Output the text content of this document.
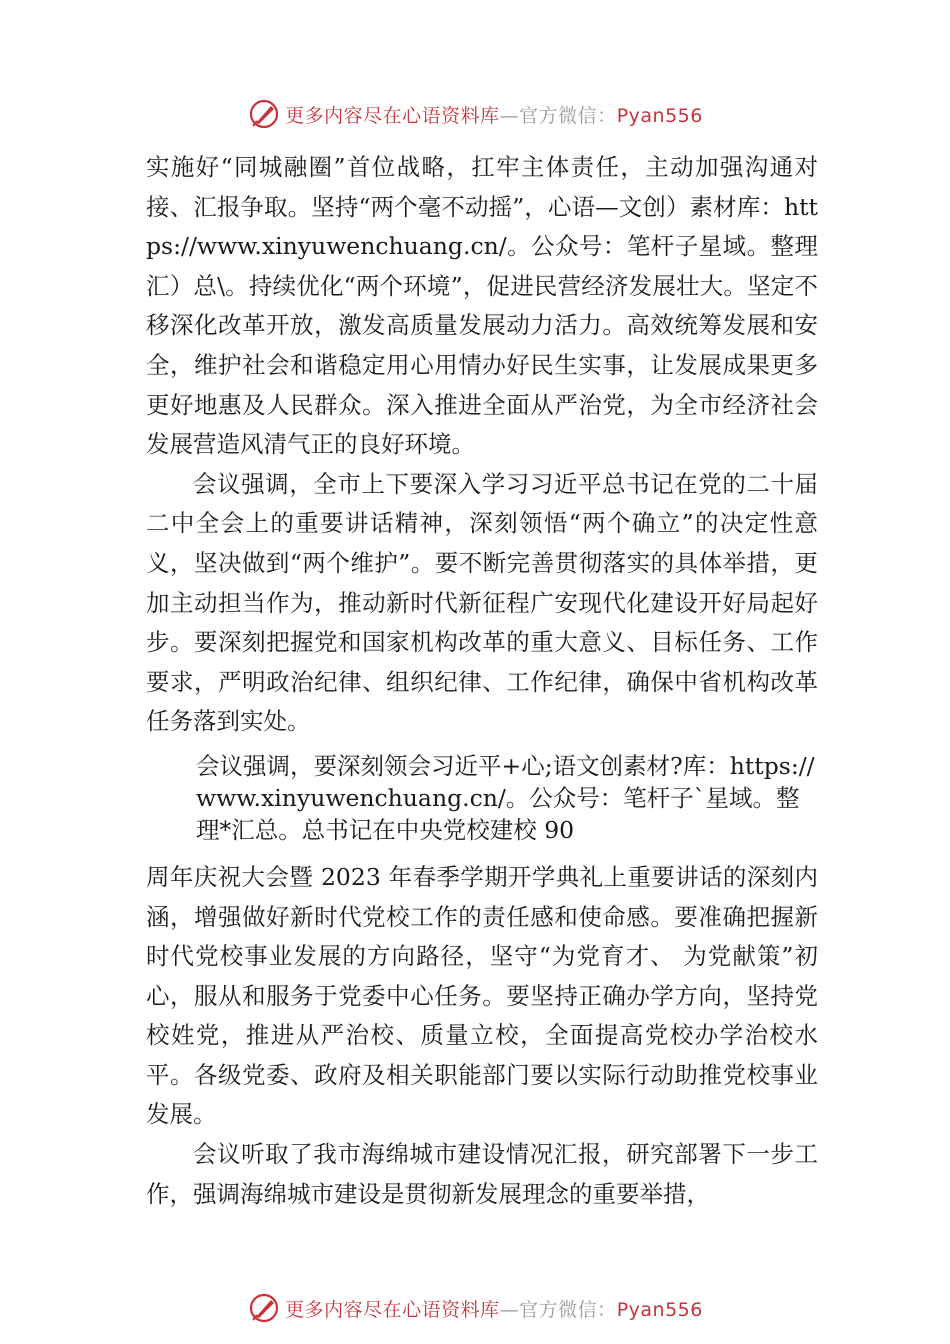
更多内容尽在心语资料库—官方微信：Pyan556

实施好“同城融圈”首位战略，扛牢主体责任，主动加强沟通对接、汇报争取。坚持“两个毫不动摇”，心语—文创）素材库：https://www.xinyuwenchuang.cn/。公众号：笔杆子星域。整理汇）总\。持续优化“两个环境”，促进民营经济发展壮大。坚定不移深化改革开放，激发高质量发展动力活力。高效统筹发展和安全，维护社会和谐稳定用心用情办好民生实事，让发展成果更多更好地惠及人民群众。深入推进全面从严治党，为全市经济社会发展营造风清气正的良好环境。

会议强调，全市上下要深入学习习近平总书记在党的二十届二中全会上的重要讲话精神，深刻领悟“两个确立”的决定性意义，坚决做到“两个维护”。要不断完善贯彻落实的具体举措，更加主动担当作为，推动新时代新征程广安现代化建设开好局起好步。要深刻把握党和国家机构改革的重大意义、目标任务、工作要求，严明政治纪律、组织纪律、工作纪律，确保中省机构改革任务落到实处。

会议强调，要深刻领会习近平+心;语文创素材?库：https://www.xinyuwenchuang.cn/。公众号：笔杆子`星域。整理*汇总。总书记在中央党校建校 90

周年庆祝大会暨 2023 年春季学期开学典礼上重要讲话的深刻内涵，增强做好新时代党校工作的责任感和使命感。要准确把握新时代党校事业发展的方向路径，坚守“为党育才、 为党献策”初心，服从和服务于党委中心任务。要坚持正确办学方向，坚持党校姓党，推进从严治校、质量立校，全面提高党校办学治校水平。各级党委、政府及相关职能部门要以实际行动助推党校事业发展。

会议听取了我市海绵城市建设情况汇报，研究部署下一步工作，强调海绵城市建设是贯彻新发展理念的重要举措，

更多内容尽在心语资料库—官方微信：Pyan556
